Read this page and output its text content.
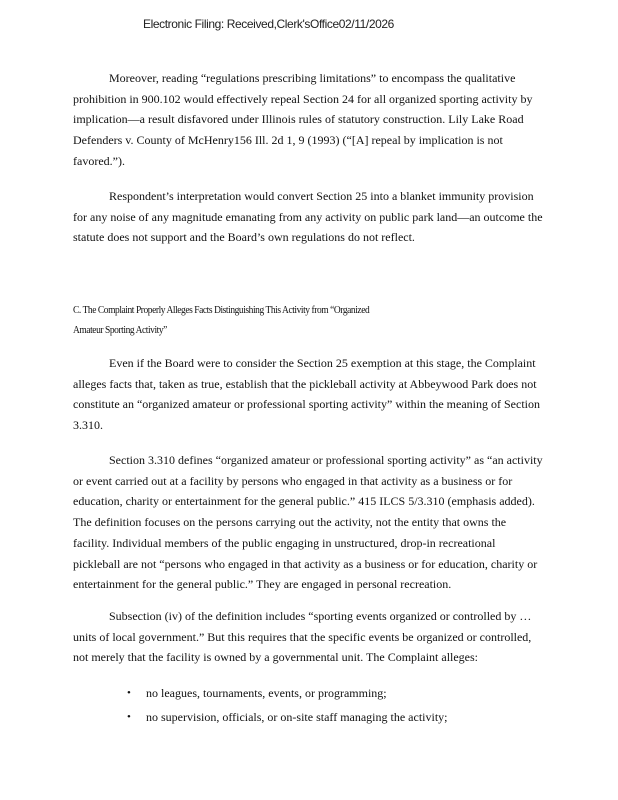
Electronic Filing: Received,Clerk'sOffice02/11/2026

Moreover, reading “regulations prescribing limitations” to encompass the qualitative prohibition in 900.102 would effectively repeal Section 24 for all organized sporting activity by implication—a result disfavored under Illinois rules of statutory construction. Lily Lake Road Defenders v. County of McHenry156 Ill. 2d 1, 9 (1993) (“[A] repeal by implication is not favored.”).

Respondent’s interpretation would convert Section 25 into a blanket immunity provision for any noise of any magnitude emanating from any activity on public park land—an outcome the statute does not support and the Board’s own regulations do not reflect.

C. The Complaint Properly Alleges Facts Distinguishing This Activity from “Organized
Amateur Sporting Activity”

Even if the Board were to consider the Section 25 exemption at this stage, the Complaint alleges facts that, taken as true, establish that the pickleball activity at Abbeywood Park does not constitute an “organized amateur or professional sporting activity” within the meaning of Section 3.310.

Section 3.310 defines “organized amateur or professional sporting activity” as “an activity or event carried out at a facility by persons who engaged in that activity as a business or for education, charity or entertainment for the general public.” 415 ILCS 5/3.310 (emphasis added). The definition focuses on the persons carrying out the activity, not the entity that owns the facility. Individual members of the public engaging in unstructured, drop-in recreational pickleball are not “persons who engaged in that activity as a business or for education, charity or entertainment for the general public.” They are engaged in personal recreation.

Subsection (iv) of the definition includes “sporting events organized or controlled by … units of local government.” But this requires that the specific events be organized or controlled, not merely that the facility is owned by a governmental unit. The Complaint alleges:

• no leagues, tournaments, events, or programming;
• no supervision, officials, or on-site staff managing the activity;
